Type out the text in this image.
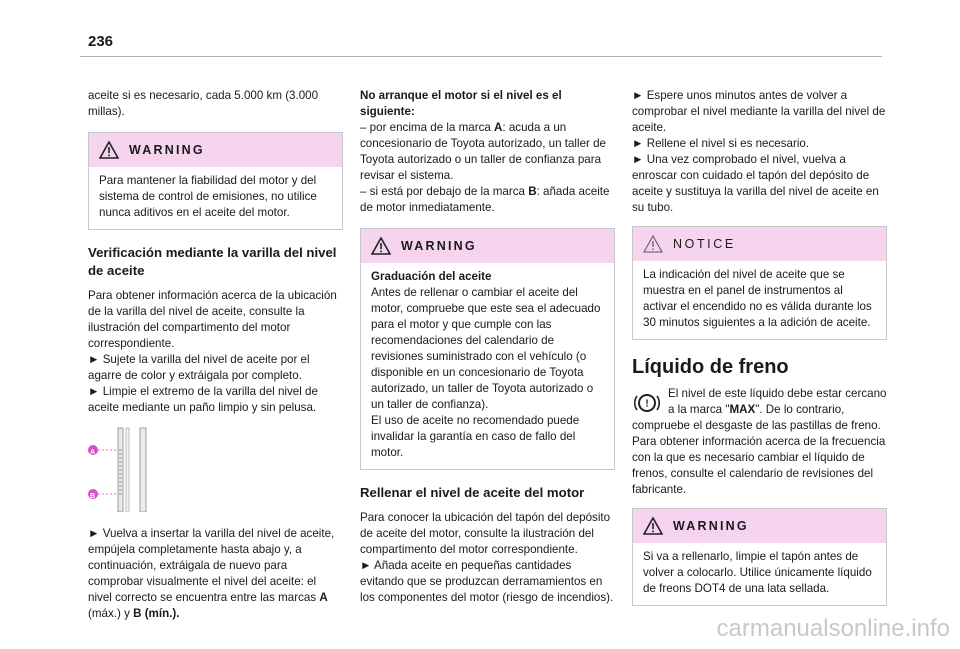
236

aceite si es necesario, cada 5.000 km (3.000 millas).

WARNING

Para mantener la fiabilidad del motor y del sistema de control de emisiones, no utilice nunca aditivos en el aceite del motor.

Verificación mediante la varilla del nivel de aceite

Para obtener información acerca de la ubicación de la varilla del nivel de aceite, consulte la ilustración del compartimento del motor correspondiente.

► Sujete la varilla del nivel de aceite por el agarre de color y extráigala por completo.

► Limpie el extremo de la varilla del nivel de aceite mediante un paño limpio y sin pelusa.

A
B

► Vuelva a insertar la varilla del nivel de aceite, empújela completamente hasta abajo y, a continuación, extráigala de nuevo para comprobar visualmente el nivel del aceite: el nivel correcto se encuentra entre las marcas A (máx.) y B (mín.).

No arranque el motor si el nivel es el siguiente:

– por encima de la marca A: acuda a un concesionario de Toyota autorizado, un taller de Toyota autorizado o un taller de confianza para revisar el sistema.

– si está por debajo de la marca B: añada aceite de motor inmediatamente.

WARNING

Graduación del aceite

Antes de rellenar o cambiar el aceite del motor, compruebe que este sea el adecuado para el motor y que cumple con las recomendaciones del calendario de revisiones suministrado con el vehículo (o disponible en un concesionario de Toyota autorizado, un taller de Toyota autorizado o un taller de confianza).

El uso de aceite no recomendado puede invalidar la garantía en caso de fallo del motor.

Rellenar el nivel de aceite del motor

Para conocer la ubicación del tapón del depósito de aceite del motor, consulte la ilustración del compartimento del motor correspondiente.

► Añada aceite en pequeñas cantidades evitando que se produzcan derramamientos en los componentes del motor (riesgo de incendios).

► Espere unos minutos antes de volver a comprobar el nivel mediante la varilla del nivel de aceite.

► Rellene el nivel si es necesario.

► Una vez comprobado el nivel, vuelva a enroscar con cuidado el tapón del depósito de aceite y sustituya la varilla del nivel de aceite en su tubo.

NOTICE

La indicación del nivel de aceite que se muestra en el panel de instrumentos al activar el encendido no es válida durante los 30 minutos siguientes a la adición de aceite.

Líquido de freno
!

El nivel de este líquido debe estar cercano a la marca "MAX". De lo contrario, compruebe el desgaste de las pastillas de freno.

Para obtener información acerca de la frecuencia con la que es necesario cambiar el líquido de frenos, consulte el calendario de revisiones del fabricante.

WARNING

Si va a rellenarlo, limpie el tapón antes de volver a colocarlo. Utilice únicamente líquido de freons DOT4 de una lata sellada.

carmanualsonline.info
